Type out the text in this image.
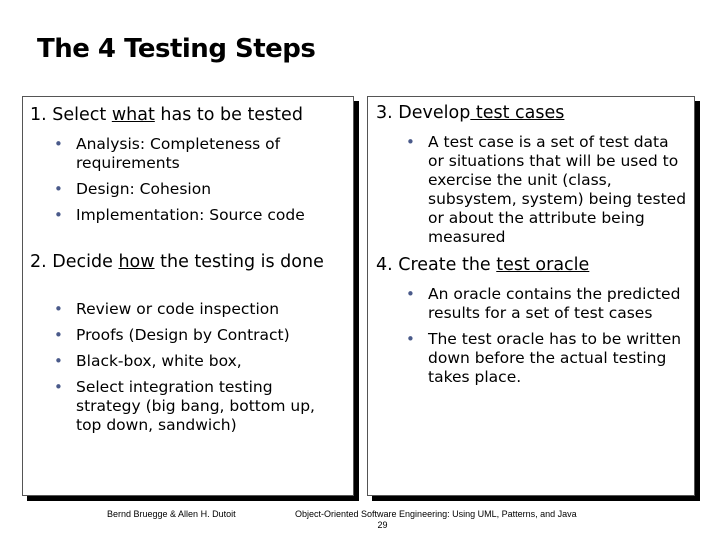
The 4 Testing Steps
1. Select what has to be tested
• Analysis: Completeness of requirements
• Design: Cohesion
• Implementation: Source code
2. Decide how the testing is done
• Review or code inspection
• Proofs (Design by Contract)
• Black-box, white box,
• Select integration testing strategy (big bang, bottom up, top down, sandwich)
3. Develop test cases
• A test case is a set of test data or situations that will be used to exercise the unit (class, subsystem, system) being tested or about the attribute being measured
4. Create the test oracle
• An oracle contains the predicted results for a set of test cases
• The test oracle has to be written down before the actual testing takes place.
Bernd Bruegge & Allen H. Dutoit	Object-Oriented Software Engineering: Using UML, Patterns, and Java
29
